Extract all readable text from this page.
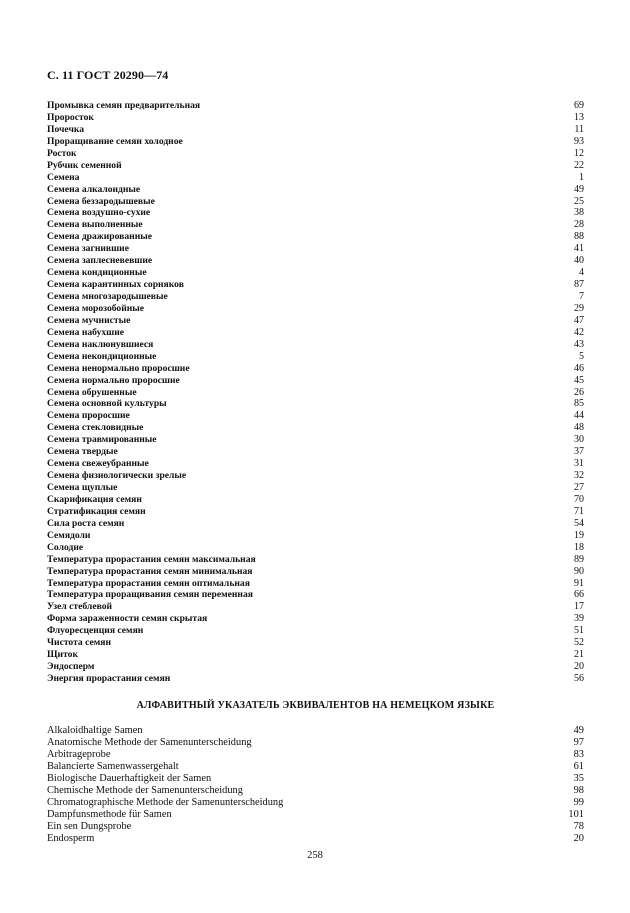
С. 11 ГОСТ 20290—74
Промывка семян предварительная	69
Проросток	13
Почечка	11
Проращивание семян холодное	93
Росток	12
Рубчик семенной	22
Семена	1
Семена алкалоидные	49
Семена беззародышевые	25
Семена воздушно-сухие	38
Семена выполненные	28
Семена дражированные	88
Семена загнившие	41
Семена заплесневевшие	40
Семена кондиционные	4
Семена карантинных сорняков	87
Семена многозародышевые	7
Семена морозобойные	29
Семена мучнистые	47
Семена набухшие	42
Семена наклюнувшиеся	43
Семена некондиционные	5
Семена ненормально проросшие	46
Семена нормально проросшие	45
Семена обрушенные	26
Семена основной культуры	85
Семена проросшие	44
Семена стекловидные	48
Семена травмированные	30
Семена твердые	37
Семена свежеубранные	31
Семена физиологически зрелые	32
Семена щуплые	27
Скарификация семян	70
Стратификация семян	71
Сила роста семян	54
Семядоли	19
Солодие	18
Температура прорастания семян максимальная	89
Температура прорастания семян минимальная	90
Температура прорастания семян оптимальная	91
Температура проращивания семян переменная	66
Узел стеблевой	17
Форма зараженности семян скрытая	39
Флуоресценция семян	51
Чистота семян	52
Щиток	21
Эндосперм	20
Энергия прорастания семян	56
АЛФАВИТНЫЙ УКАЗАТЕЛЬ ЭКВИВАЛЕНТОВ НА НЕМЕЦКОМ ЯЗЫКЕ
Alkaloidhaltige Samen	49
Anatomische Methode der Samenunterscheidung	97
Arbitrageprobe	83
Balancierte Samenwassergehalt	61
Biologische Dauerhaftigkeit der Samen	35
Chemische Methode der Samenunterscheidung	98
Chromatographische Methode der Samenunterscheidung	99
Dampfunsmethode für Samen	101
Ein sen Dungsprobe	78
Endosperm	20
258
